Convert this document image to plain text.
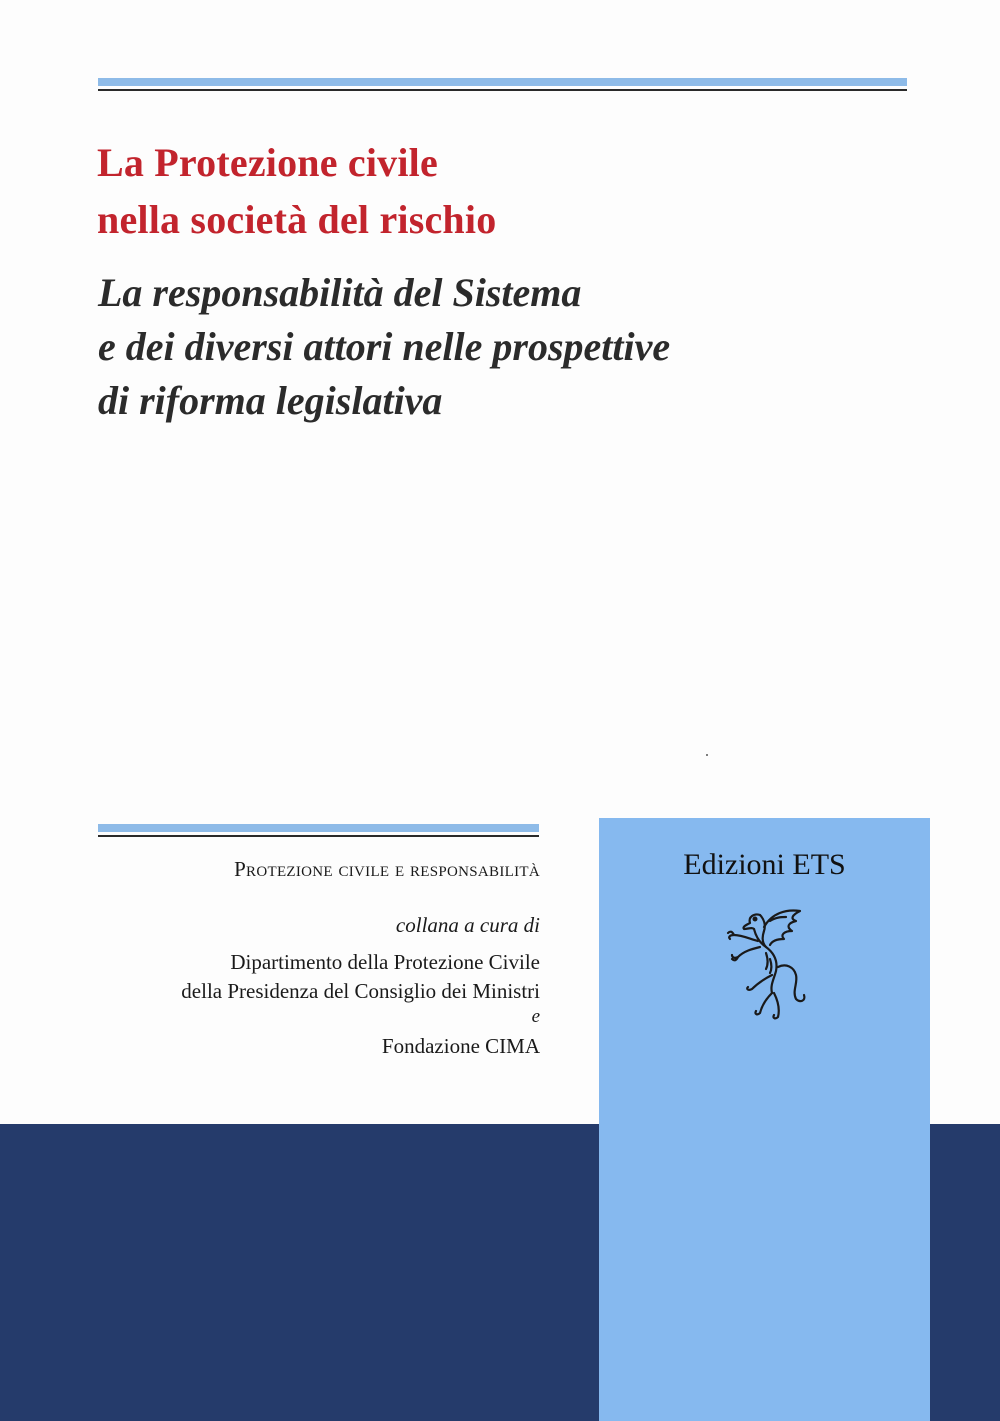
La Protezione civile
nella società del rischio
La responsabilità del Sistema
e dei diversi attori nelle prospettive
di riforma legislativa
Edizioni ETS
Protezione civile e responsabilità
collana a cura di
Dipartimento della Protezione Civile
della Presidenza del Consiglio dei Ministri
e
Fondazione CIMA
